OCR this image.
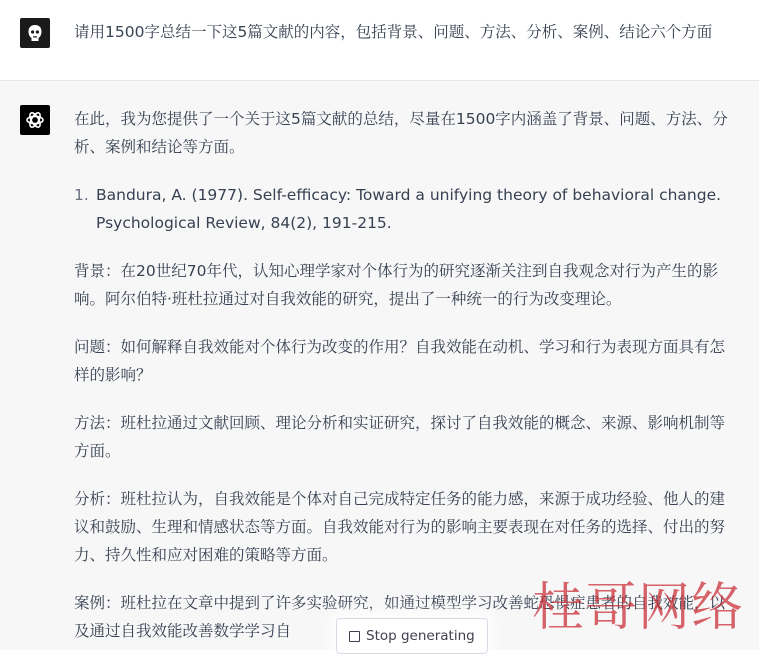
请用1500字总结一下这5篇文献的内容，包括背景、问题、方法、分析、案例、结论六个方面

在此，我为您提供了一个关于这5篇文献的总结，尽量在1500字内涵盖了背景、问题、方法、分析、案例和结论等方面。

1. Bandura, A. (1977). Self-efficacy: Toward a unifying theory of behavioral change. Psychological Review, 84(2), 191-215.

背景：在20世纪70年代，认知心理学家对个体行为的研究逐渐关注到自我观念对行为产生的影响。阿尔伯特·班杜拉通过对自我效能的研究，提出了一种统一的行为改变理论。

问题：如何解释自我效能对个体行为改变的作用？自我效能在动机、学习和行为表现方面具有怎样的影响？

方法：班杜拉通过文献回顾、理论分析和实证研究，探讨了自我效能的概念、来源、影响机制等方面。

分析：班杜拉认为，自我效能是个体对自己完成特定任务的能力感，来源于成功经验、他人的建议和鼓励、生理和情感状态等方面。自我效能对行为的影响主要表现在对任务的选择、付出的努力、持久性和应对困难的策略等方面。

案例：班杜拉在文章中提到了许多实验研究，如通过模型学习改善蛇恐惧症患者的自我效能，以及通过自我效能改善数学学习自	Stop generating 桂哥网络
